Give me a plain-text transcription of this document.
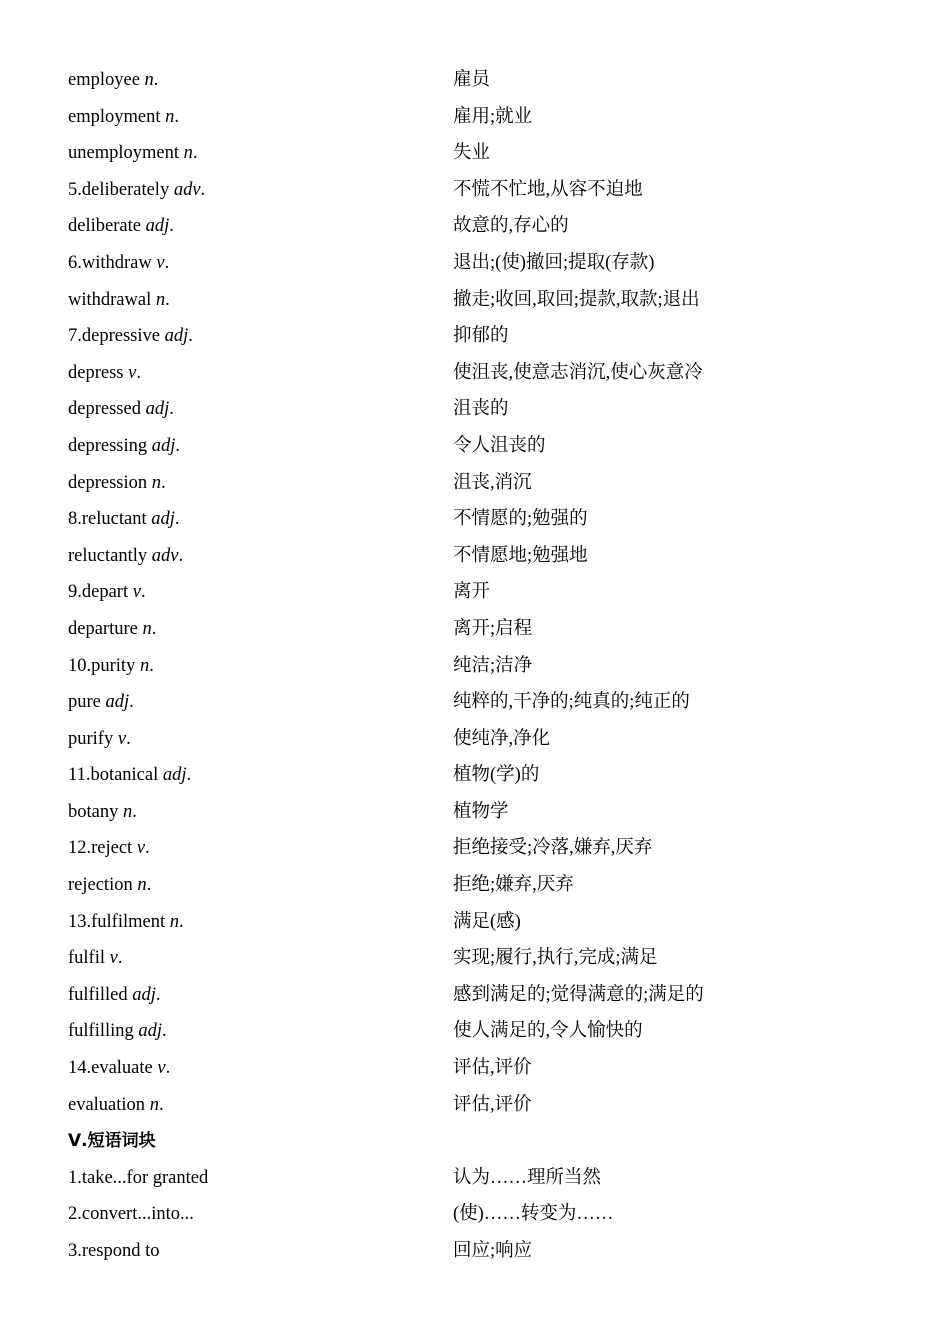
employee n.	雇员
employment n.	雇用;就业
unemployment n.	失业
5.deliberately adv.	不慌不忙地,从容不迫地
deliberate adj.	故意的,存心的
6.withdraw v.	退出;(使)撤回;提取(存款)
withdrawal n.	撤走;收回,取回;提款,取款;退出
7.depressive adj.	抑郁的
depress v.	使沮丧,使意志消沉,使心灰意冷
depressed adj.	沮丧的
depressing adj.	令人沮丧的
depression n.	沮丧,消沉
8.reluctant adj.	不情愿的;勉强的
reluctantly adv.	不情愿地;勉强地
9.depart v.	离开
departure n.	离开;启程
10.purity n.	纯洁;洁净
pure adj.	纯粹的,干净的;纯真的;纯正的
purify v.	使纯净,净化
11.botanical adj.	植物(学)的
botany n.	植物学
12.reject v.	拒绝接受;冷落,嫌弃,厌弃
rejection n.	拒绝;嫌弃,厌弃
13.fulfilment n.	满足(感)
fulfil v.	实现;履行,执行,完成;满足
fulfilled adj.	感到满足的;觉得满意的;满足的
fulfilling adj.	使人满足的,令人愉快的
14.evaluate v.	评估,评价
evaluation n.	评估,评价
Ⅴ.短语词块
1.take...for granted	认为……理所当然
2.convert...into...	(使)……转变为……
3.respond to	回应;响应
